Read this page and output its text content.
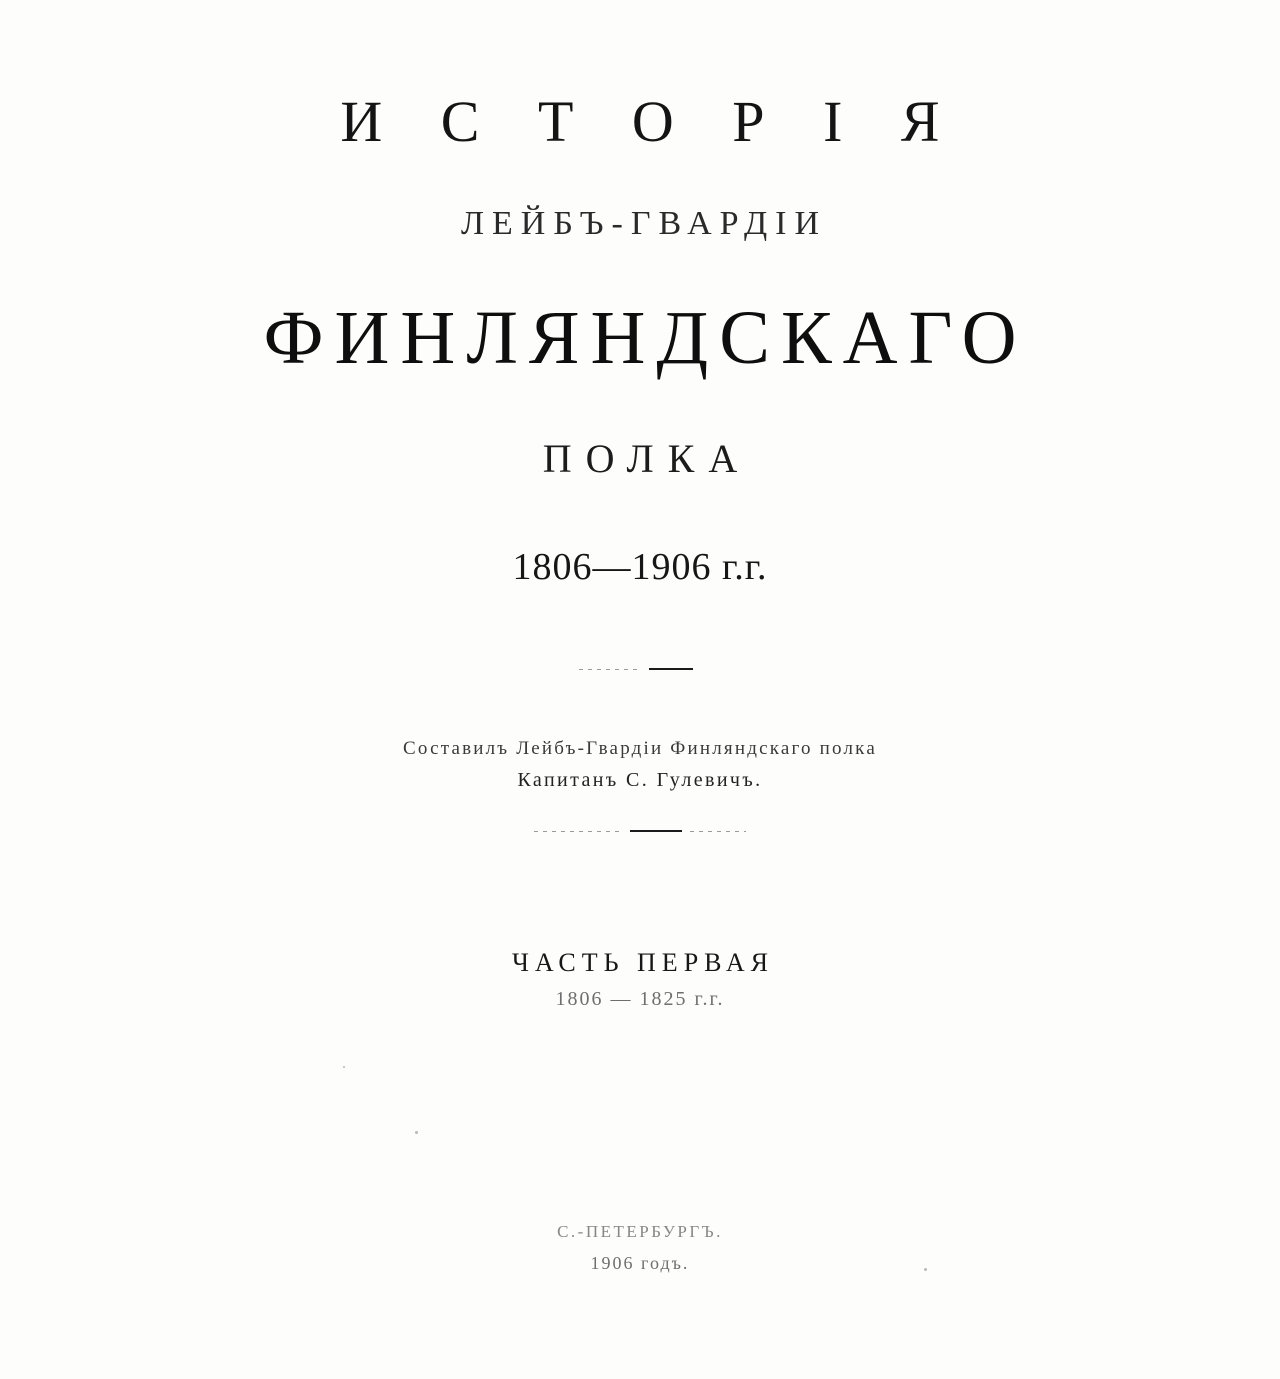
И С Т О Р І Я
ЛЕЙБЪ-ГВАРДІИ
ФИНЛЯНДСКАГО
ПОЛКА
1806—1906 г.г.
Составилъ Лейбъ-Гвардіи Финляндскаго полка
Капитанъ С. Гулевичъ.
ЧАСТЬ ПЕРВАЯ
1806 — 1825 г.г.
С.-ПЕТЕРБУРГЪ.
1906 годъ.
